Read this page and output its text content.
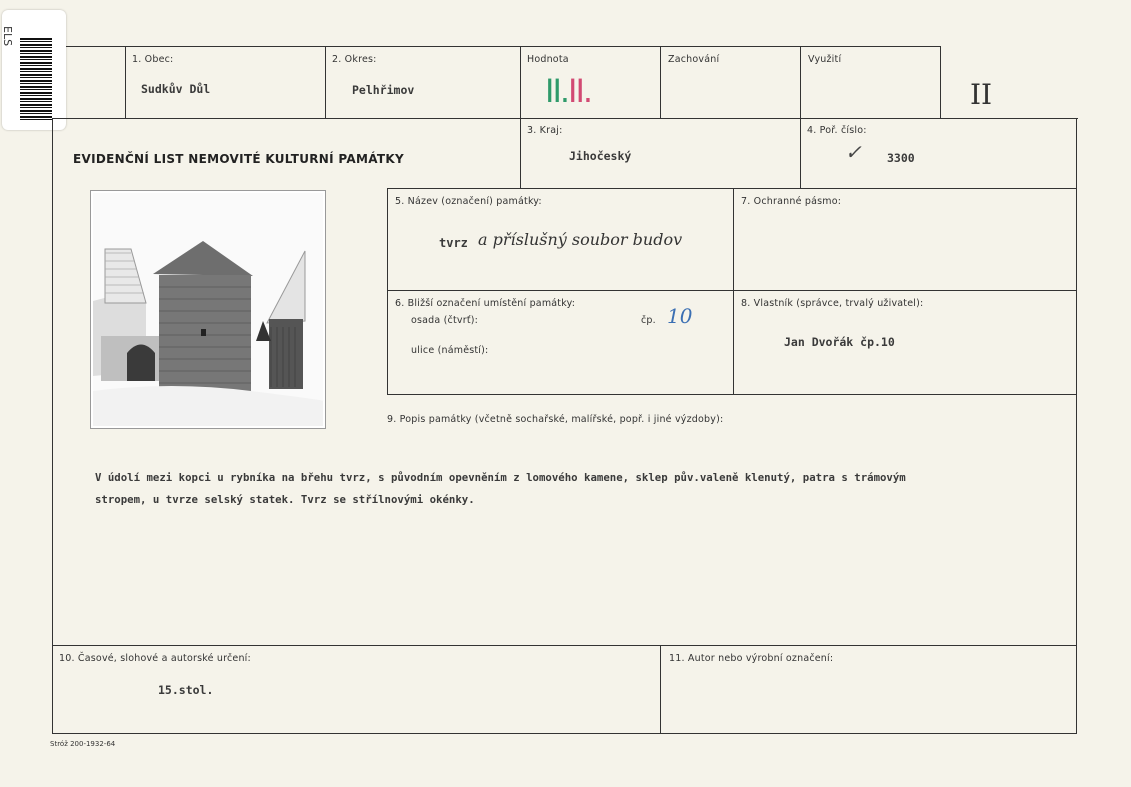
ELS
1. Obec:
Sudkův Důl
2. Okres:
Pelhřimov
Hodnota
II.II.
Zachování	Využití
II
EVIDENČNÍ LIST NEMOVITÉ KULTURNÍ PAMÁTKY
3. Kraj:
Jihočeský
4. Poř. číslo:
✓ 3300
5. Název (označení) památky:
tvrz a příslušný soubor budov
7. Ochranné pásmo:
6. Bližší označení umístění památky:
osada (čtvrť):	čp. 10
ulice (náměstí):
8. Vlastník (správce, trvalý uživatel):
Jan Dvořák čp.10
9. Popis památky (včetně sochařské, malířské, popř. i jiné výzdoby):
V údolí mezi kopci u rybníka na břehu tvrz, s původním opevněním z lomového kamene, sklep pův.valeně klenutý, patra s trámovým
stropem, u tvrze selský statek. Tvrz se střílnovými okénky.
10. Časové, slohové a autorské určení:
15.stol.
11. Autor nebo výrobní označení:
Stróž 200-1932-64
